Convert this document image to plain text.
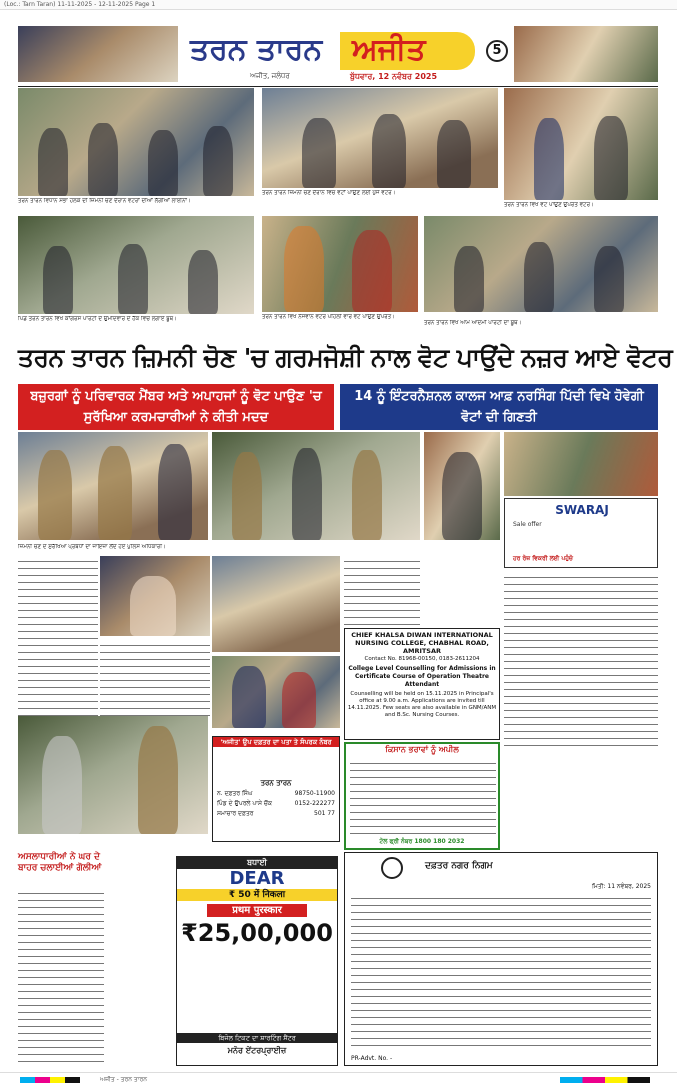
(Loc.: Tarn Taran) 11-11-2025 - 12-11-2025 Page 1
ਤਰਨ ਤਾਰਨ ਅਜੀਤ
ਅਜੀਤ, ਜਲੰਧਰ	ਬੁੱਧਵਾਰ, 12 ਨਵੰਬਰ 2025
5
ਤਰਨ ਤਾਰਨ ਵਿਧਾਨ ਸਭਾ ਹਲਕੇ ਦੀ ਜ਼ਿਮਨੀ ਚੋਣ ਦੌਰਾਨ ਵੋਟਰਾਂ ਦੀਆਂ ਲੱਗੀਆਂ ਲਾਈਨਾਂ।
ਤਰਨ ਤਾਰਨ ਜ਼ਿਮਨੀ ਚੋਣ ਦੌਰਾਨ ਵਿਚ ਵੋਟਾਂ ਪਾਉਣ ਲਈ ਪੁੱਜੇ ਵੋਟਰ।
ਤਰਨ ਤਾਰਨ ਵਿਖੇ ਵੋਟ ਪਾਉਣ ਉਪਰੰਤ ਵੋਟਰ।
ਪਿੰਡ ਤਰਨ ਤਾਰਨ ਵਿਖੇ ਕਾਂਗਰਸ ਪਾਰਟੀ ਦੇ ਉਮੀਦਵਾਰ ਦੇ ਹੱਕ ਵਿਚ ਲਗਾਏ ਬੂਥ।	ਤਰਨ ਤਾਰਨ ਵਿਖੇ ਨੌਜਵਾਨ ਵੋਟਰ ਪਹਿਲੀ ਵਾਰ ਵੋਟ ਪਾਉਣ ਉਪਰੰਤ।
ਤਰਨ ਤਾਰਨ ਵਿਖੇ ਆਮ ਆਦਮੀ ਪਾਰਟੀ ਦਾ ਬੂਥ।
ਤਰਨ ਤਾਰਨ ਜ਼ਿਮਨੀ ਚੋਣ 'ਚ ਗਰਮਜੋਸ਼ੀ ਨਾਲ ਵੋਟ ਪਾਉਂਦੇ ਨਜ਼ਰ ਆਏ ਵੋਟਰ
ਬਜ਼ੁਰਗਾਂ ਨੂੰ ਪਰਿਵਾਰਕ ਮੈਂਬਰ ਅਤੇ ਅਪਾਹਜਾਂ ਨੂੰ ਵੋਟ ਪਾਉਣ 'ਚ ਸੁਰੱਖਿਆ ਕਰਮਚਾਰੀਆਂ ਨੇ ਕੀਤੀ ਮਦਦ
14 ਨੂੰ ਇੰਟਰਨੈਸ਼ਨਲ ਕਾਲਜ ਆਫ਼ ਨਰਸਿੰਗ ਪਿੱਦੀ ਵਿਖੇ ਹੋਵੇਗੀ ਵੋਟਾਂ ਦੀ ਗਿਣਤੀ
ਜ਼ਿਮਨੀ ਚੋਣ ਦੇ ਸੁਰੱਖਿਆ ਪ੍ਰਬੰਧਾਂ ਦਾ ਜਾਇਜ਼ਾ ਲੈਂਦੇ ਹੋਏ ਪੁਲਿਸ ਅਧਿਕਾਰੀ।
SWARAJ
Sale offer
ਹਰ ਰੋਜ਼ ਵਿਕਰੀ ਲਈ ਪਹੁੰਚੋ
CHIEF KHALSA DIWAN INTERNATIONAL NURSING COLLEGE, CHABHAL ROAD, AMRITSAR
Contact No. 81968-00150, 0183-2611204
College Level Counselling for Admissions in Certificate Course of Operation Theatre Attendant
Counselling will be held on 15.11.2025 in Principal's office at 9.00 a.m. Applications are invited till 14.11.2025. Few seats are also available in GNM/ANM and B.Sc. Nursing Courses.
'ਅਜੀਤ' ਉਪ ਦਫ਼ਤਰ ਦਾ ਪਤਾ ਤੇ ਸੰਪਰਕ ਨੰਬਰ
ਤਰਨ ਤਾਰਨ
ਨ. ਦਫ਼ਤਰ ਸਿੰਘ	98750-11900
ਪਿੰਡ ਦੇ ਉਪਰਲੇ ਪਾਸੇ ਚੌਂਕ	0152-222277
ਸਮਾਚਾਰ ਦਫ਼ਤਰ	501 77
ਕਿਸਾਨ ਭਰਾਵਾਂ ਨੂੰ ਅਪੀਲ
ਟੋਲ ਫ੍ਰੀ ਨੰਬਰ 1800 180 2032
ਅਸਲਾਧਾਰੀਆਂ ਨੇ ਘਰ ਦੇ ਬਾਹਰ ਚਲਾਈਆਂ ਗੋਲੀਆਂ
ਬਧਾਈ
DEAR
₹ 50 में निकला
प्रथम पुरस्कार
₹25,00,000
ਬਿਜੋਲ ਟਿਕਟ ਦਾ ਸ਼ਾਰਟਿੰਗ ਸੈਂਟਰ
ਮਨੋਰ ਏਂਟਰਪ੍ਰਾਈਜ਼
ਦਫ਼ਤਰ ਨਗਰ ਨਿਗਮ
ਮਿਤੀ: 11 ਨਵੰਬਰ, 2025
PR-Advt. No. -
ਅਜੀਤ - ਤਰਨ ਤਾਰਨ
